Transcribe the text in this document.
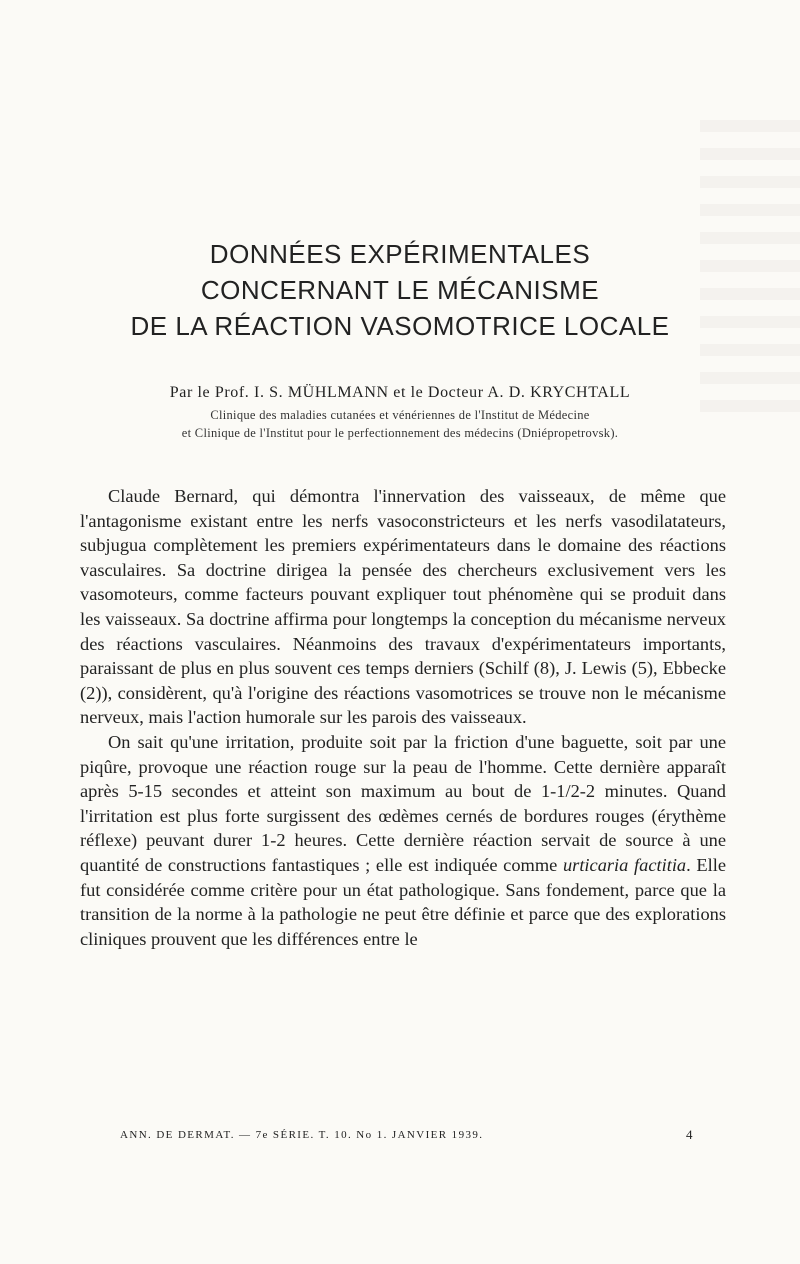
DONNÉES EXPÉRIMENTALES
CONCERNANT LE MÉCANISME
DE LA RÉACTION VASOMOTRICE LOCALE
Par le Prof. I. S. MÜHLMANN et le Docteur A. D. KRYCHTALL
Clinique des maladies cutanées et vénériennes de l'Institut de Médecine
et Clinique de l'Institut pour le perfectionnement des médecins (Dniépropetrovsk).

Claude Bernard, qui démontra l'innervation des vaisseaux, de même que l'antagonisme existant entre les nerfs vasoconstricteurs et les nerfs vasodilatateurs, subjugua complètement les premiers expérimentateurs dans le domaine des réactions vasculaires. Sa doctrine dirigea la pensée des chercheurs exclusivement vers les vasomoteurs, comme facteurs pouvant expliquer tout phénomène qui se produit dans les vaisseaux. Sa doctrine affirma pour longtemps la conception du mécanisme nerveux des réactions vasculaires. Néanmoins des travaux d'expérimentateurs importants, paraissant de plus en plus souvent ces temps derniers (Schilf (8), J. Lewis (5), Ebbecke (2)), considèrent, qu'à l'origine des réactions vasomotrices se trouve non le mécanisme nerveux, mais l'action humorale sur les parois des vaisseaux.

On sait qu'une irritation, produite soit par la friction d'une baguette, soit par une piqûre, provoque une réaction rouge sur la peau de l'homme. Cette dernière apparaît après 5-15 secondes et atteint son maximum au bout de 1-1/2-2 minutes. Quand l'irritation est plus forte surgissent des œdèmes cernés de bordures rouges (érythème réflexe) peuvant durer 1-2 heures. Cette dernière réaction servait de source à une quantité de constructions fantastiques ; elle est indiquée comme urticaria factitia. Elle fut considérée comme critère pour un état pathologique. Sans fondement, parce que la transition de la norme à la pathologie ne peut être définie et parce que des explorations cliniques prouvent que les différences entre le

ANN. DE DERMAT. — 7e SÉRIE. T. 10. No 1. JANVIER 1939.	4
